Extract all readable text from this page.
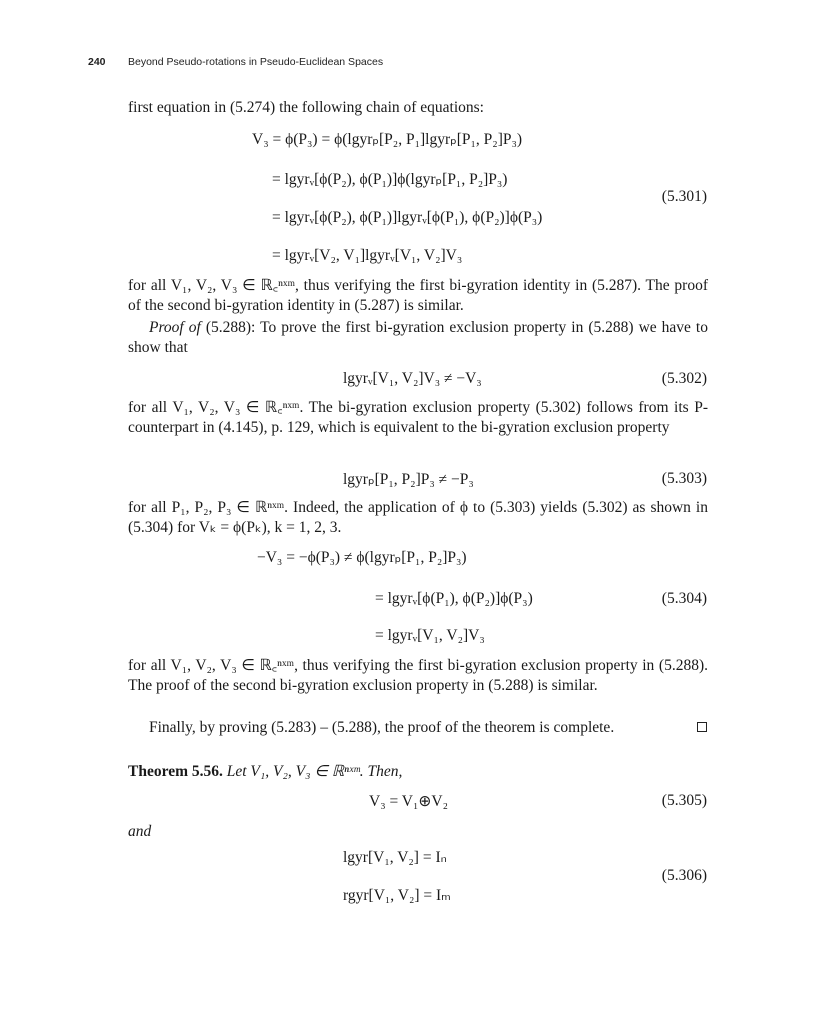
240 Beyond Pseudo-rotations in Pseudo-Euclidean Spaces
first equation in (5.274) the following chain of equations:
V₃ = ϕ(P₃) = ϕ(lgyrₚ[P₂, P₁]lgyrₚ[P₁, P₂]P₃)
= lgyrᵥ[ϕ(P₂), ϕ(P₁)]ϕ(lgyrₚ[P₁, P₂]P₃)
= lgyrᵥ[ϕ(P₂), ϕ(P₁)]lgyrᵥ[ϕ(P₁), ϕ(P₂)]ϕ(P₃)
= lgyrᵥ[V₂, V₁]lgyrᵥ[V₁, V₂]V₃
(5.301)
for all V₁, V₂, V₃ ∈ ℝ꜀ⁿˣᵐ, thus verifying the first bi-gyration identity in (5.287). The proof of the second bi-gyration identity in (5.287) is similar.
Proof of (5.288): To prove the first bi-gyration exclusion property in (5.288) we have to show that
lgyrᵥ[V₁, V₂]V₃ ≠ −V₃	(5.302)
for all V₁, V₂, V₃ ∈ ℝ꜀ⁿˣᵐ. The bi-gyration exclusion property (5.302) follows from its P-counterpart in (4.145), p. 129, which is equivalent to the bi-gyration exclusion property
lgyrₚ[P₁, P₂]P₃ ≠ −P₃	(5.303)
for all P₁, P₂, P₃ ∈ ℝⁿˣᵐ. Indeed, the application of ϕ to (5.303) yields (5.302) as shown in (5.304) for Vₖ = ϕ(Pₖ), k = 1, 2, 3.
−V₃ = −ϕ(P₃) ≠ ϕ(lgyrₚ[P₁, P₂]P₃)
= lgyrᵥ[ϕ(P₁), ϕ(P₂)]ϕ(P₃)
= lgyrᵥ[V₁, V₂]V₃
(5.304)
for all V₁, V₂, V₃ ∈ ℝ꜀ⁿˣᵐ, thus verifying the first bi-gyration exclusion property in (5.288). The proof of the second bi-gyration exclusion property in (5.288) is similar.
Finally, by proving (5.283) – (5.288), the proof of the theorem is complete.
Theorem 5.56. Let V₁, V₂, V₃ ∈ ℝⁿˣᵐ. Then,
V₃ = V₁⊕V₂	(5.305)
and
lgyr[V₁, V₂] = Iₙ
rgyr[V₁, V₂] = Iₘ
(5.306)
